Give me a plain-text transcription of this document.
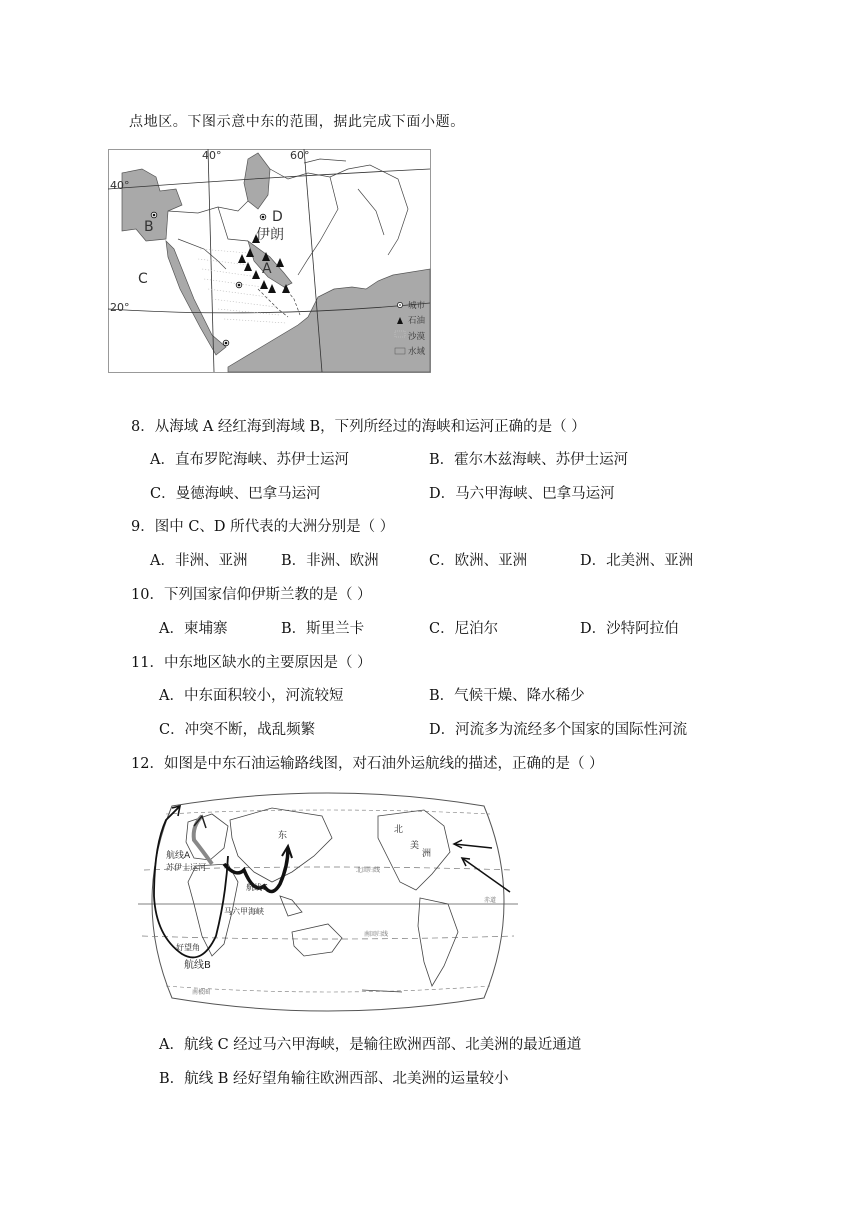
点地区。下图示意中东的范围，据此完成下面小题。
40°
20°
40°	60°
A
B
C
D
伊朗
城市
石油
沙漠
水域
8．从海域 A 经红海到海域 B，下列所经过的海峡和运河正确的是（ ）
A．直布罗陀海峡、苏伊士运河	B．霍尔木兹海峡、苏伊士运河
C．曼德海峡、巴拿马运河	D．马六甲海峡、巴拿马运河
9．图中 C、D 所代表的大洲分别是（ ）
A．非洲、亚洲 B．非洲、欧洲	C．欧洲、亚洲	D．北美洲、亚洲
10．下列国家信仰伊斯兰教的是（ ）
A．柬埔寨	B．斯里兰卡	C．尼泊尔	D．沙特阿拉伯
11．中东地区缺水的主要原因是（ ）
A．中东面积较小，河流较短	B．气候干燥、降水稀少
C．冲突不断，战乱频繁	D．河流多为流经多个国家的国际性河流
12．如图是中东石油运输路线图，对石油外运航线的描述，正确的是（ ）
航线A
苏伊士运河
航线C
马六甲海峡
好望角
航线B
东
北
美
洲
北回归线
赤道
南回归线
南极圈
A．航线 C 经过马六甲海峡，是输往欧洲西部、北美洲的最近通道
B．航线 B 经好望角输往欧洲西部、北美洲的运量较小
